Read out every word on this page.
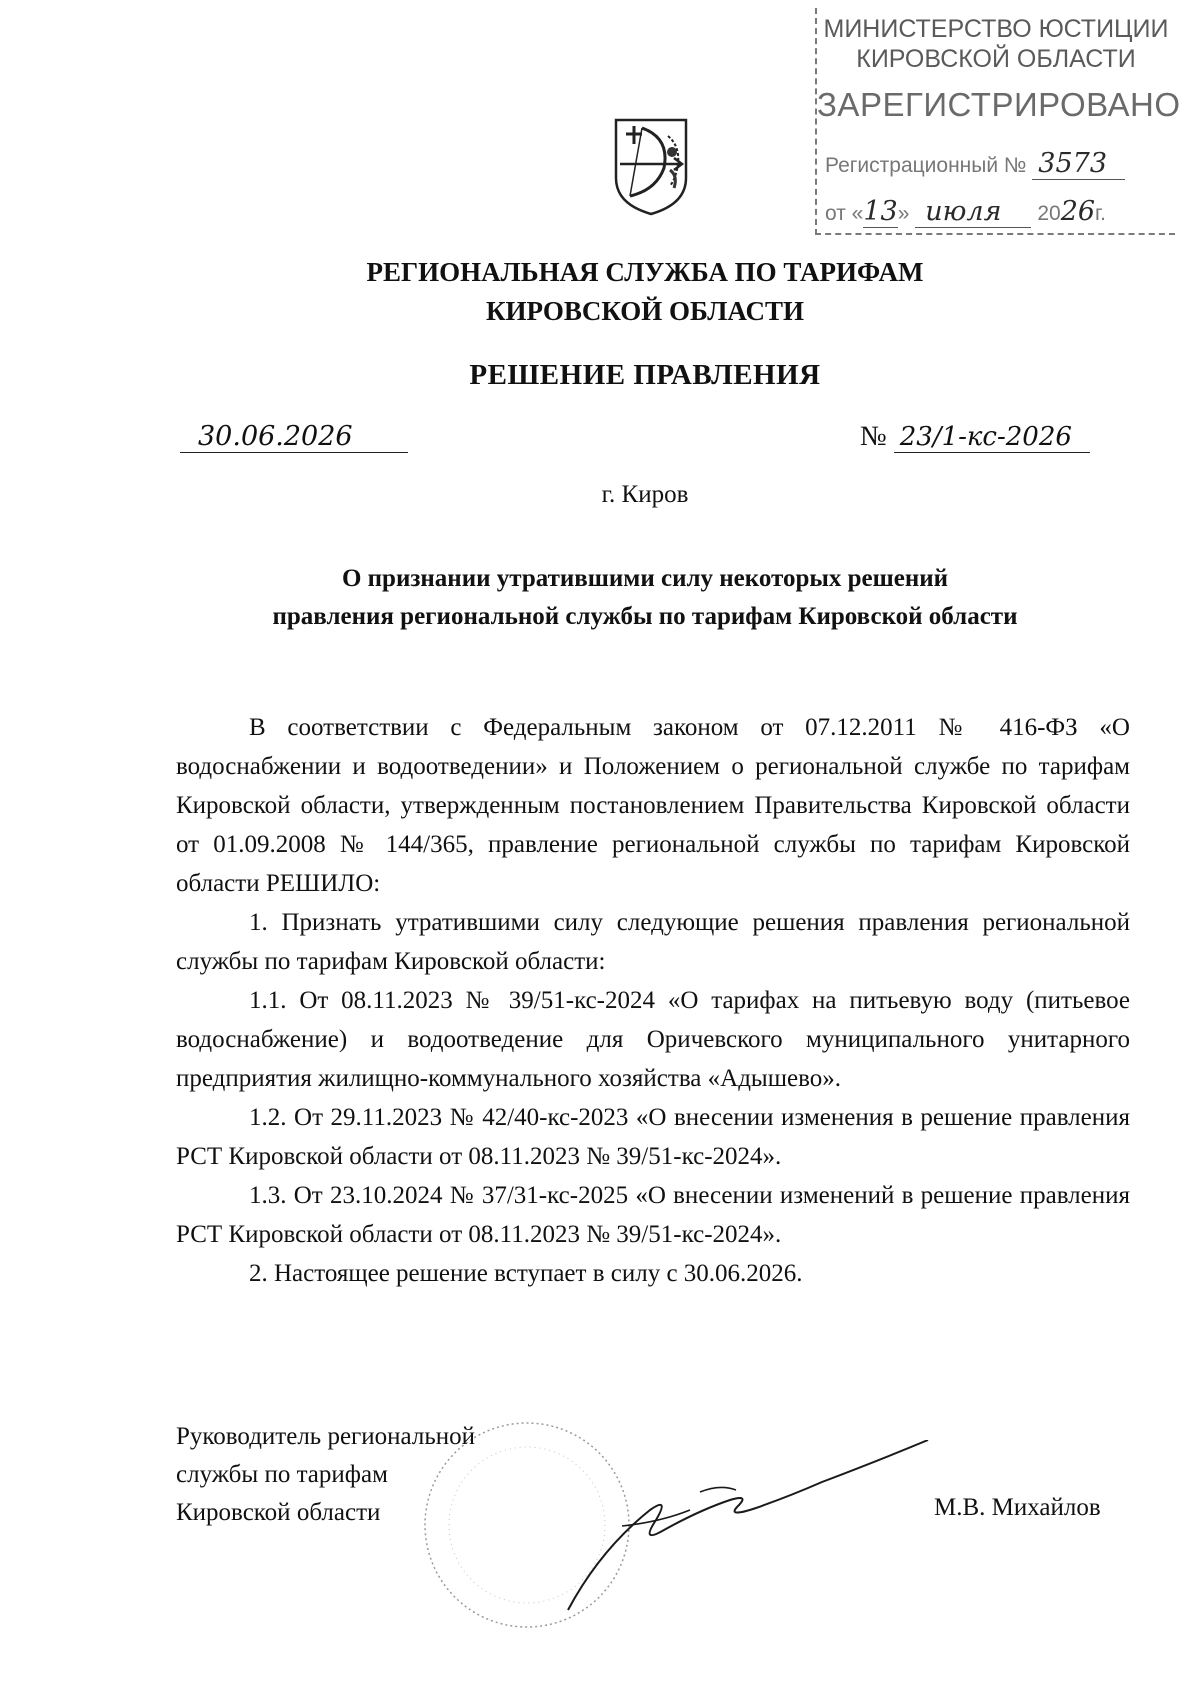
МИНИСТЕРСТВО ЮСТИЦИИ
КИРОВСКОЙ ОБЛАСТИ
ЗАРЕГИСТРИРОВАНО
Регистрационный № 3573
от «13» июля 2026г.
РЕГИОНАЛЬНАЯ СЛУЖБА ПО ТАРИФАМ
КИРОВСКОЙ ОБЛАСТИ
РЕШЕНИЕ ПРАВЛЕНИЯ
30.06.2026	№ 23/1-кс-2026
г. Киров
О признании утратившими силу некоторых решений
правления региональной службы по тарифам Кировской области

В соответствии с Федеральным законом от 07.12.2011 № 416-ФЗ «О водоснабжении и водоотведении» и Положением о региональной службе по тарифам Кировской области, утвержденным постановлением Правительства Кировской области от 01.09.2008 № 144/365, правление региональной службы по тарифам Кировской области РЕШИЛО:

1. Признать утратившими силу следующие решения правления региональной службы по тарифам Кировской области:

1.1. От 08.11.2023 № 39/51-кс-2024 «О тарифах на питьевую воду (питьевое водоснабжение) и водоотведение для Оричевского муниципального унитарного предприятия жилищно-коммунального хозяйства «Адышево».

1.2. От 29.11.2023 № 42/40-кс-2023 «О внесении изменения в решение правления РСТ Кировской области от 08.11.2023 № 39/51-кс-2024».

1.3. От 23.10.2024 № 37/31-кс-2025 «О внесении изменений в решение правления РСТ Кировской области от 08.11.2023 № 39/51-кс-2024».

2. Настоящее решение вступает в силу с 30.06.2026.

Руководитель региональной
службы по тарифам
Кировской области	М.В. Михайлов
